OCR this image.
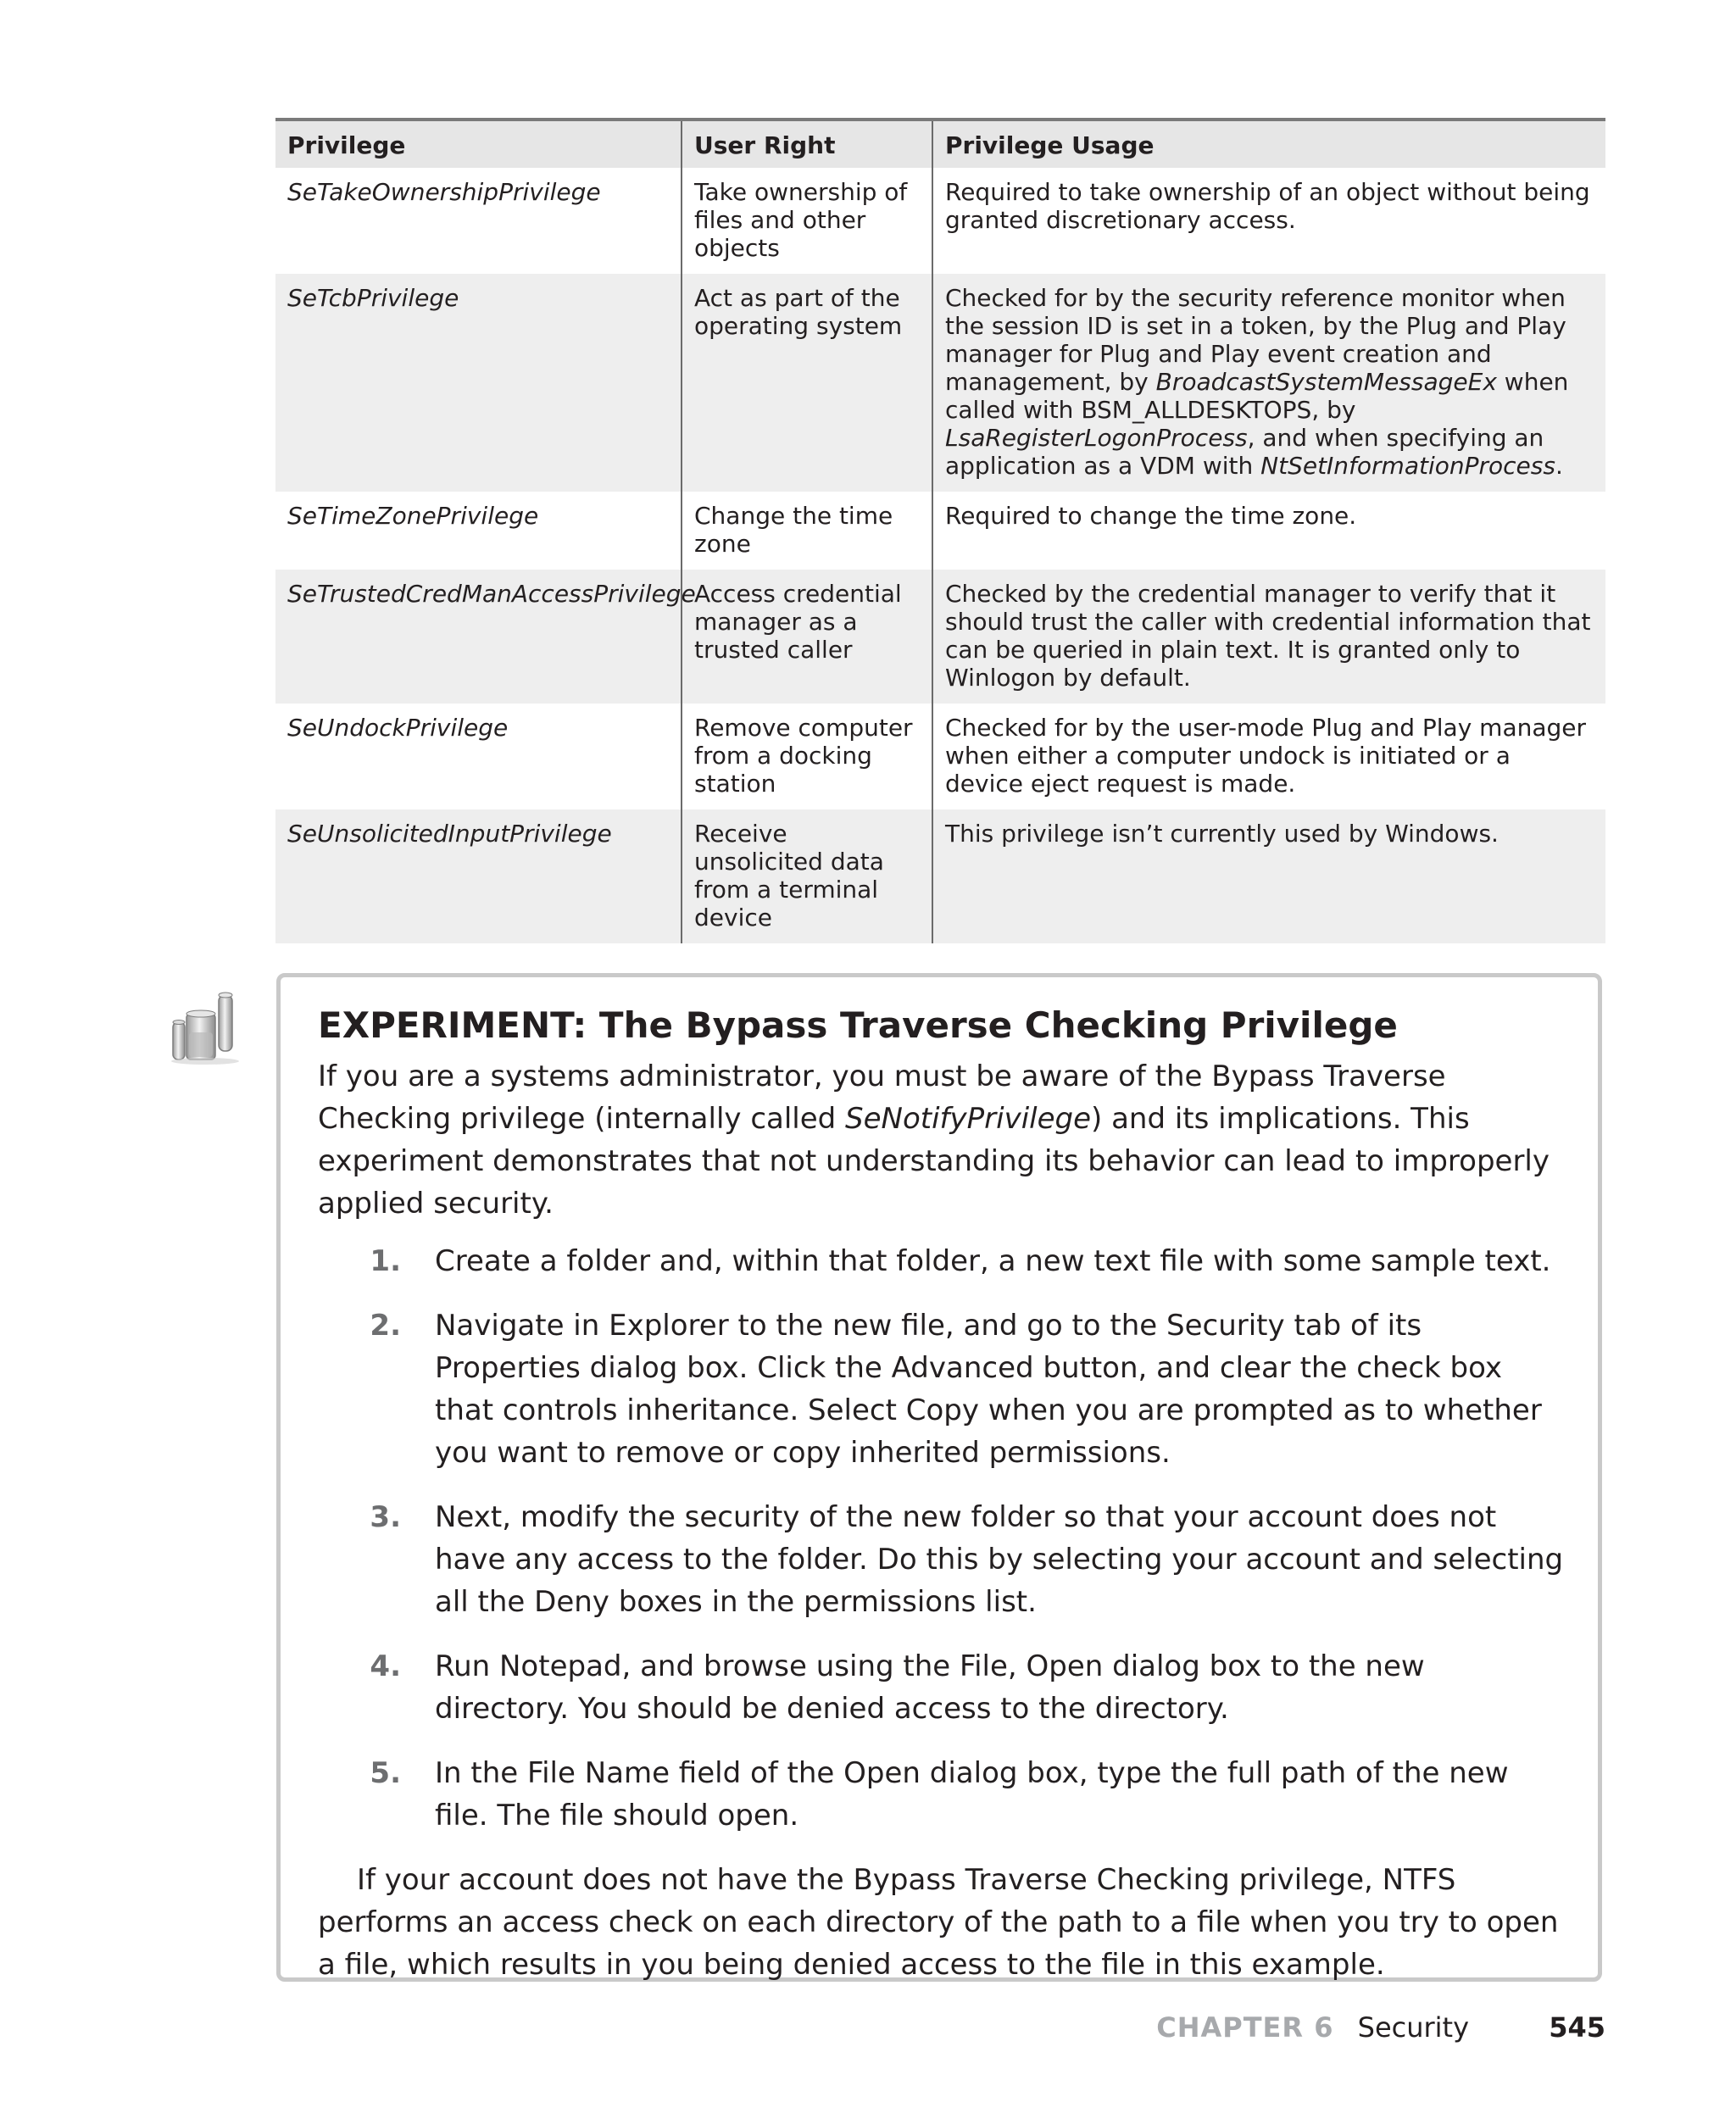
Privilege	User Right	Privilege Usage
SeTakeOwnershipPrivilege	Take ownership of files and other objects	Required to take ownership of an object without being granted discretionary access.
SeTcbPrivilege	Act as part of the operating system	Checked for by the security reference monitor when the session ID is set in a token, by the Plug and Play manager for Plug and Play event creation and management, by BroadcastSystemMessageEx when called with BSM_ALLDESKTOPS, by LsaRegisterLogonProcess, and when specifying an application as a VDM with NtSetInformationProcess.
SeTimeZonePrivilege	Change the time zone	Required to change the time zone.
SeTrustedCredManAccessPrivilege	Access credential manager as a trusted caller	Checked by the credential manager to verify that it should trust the caller with credential information that can be queried in plain text. It is granted only to Winlogon by default.
SeUndockPrivilege	Remove computer from a docking station	Checked for by the user-mode Plug and Play manager when either a computer undock is initiated or a device eject request is made.
SeUnsolicitedInputPrivilege	Receive unsolicited data from a terminal device	This privilege isn’t currently used by Windows.
EXPERIMENT: The Bypass Traverse Checking Privilege

If you are a systems administrator, you must be aware of the Bypass Traverse Checking privilege (internally called SeNotifyPrivilege) and its implications. This experiment demonstrates that not understanding its behavior can lead to improperly applied security.

1.	Create a folder and, within that folder, a new text file with some sample text.
2.	Navigate in Explorer to the new file, and go to the Security tab of its Properties dialog box. Click the Advanced button, and clear the check box that controls inheritance. Select Copy when you are prompted as to whether you want to remove or copy inherited permissions.
3.	Next, modify the security of the new folder so that your account does not have any access to the folder. Do this by selecting your account and selecting all the Deny boxes in the permissions list.
4.	Run Notepad, and browse using the File, Open dialog box to the new directory. You should be denied access to the directory.
5.	In the File Name field of the Open dialog box, type the full path of the new file. The file should open.

If your account does not have the Bypass Traverse Checking privilege, NTFS performs an access check on each directory of the path to a file when you try to open a file, which results in you being denied access to the file in this example.

CHAPTER 6 Security	545
